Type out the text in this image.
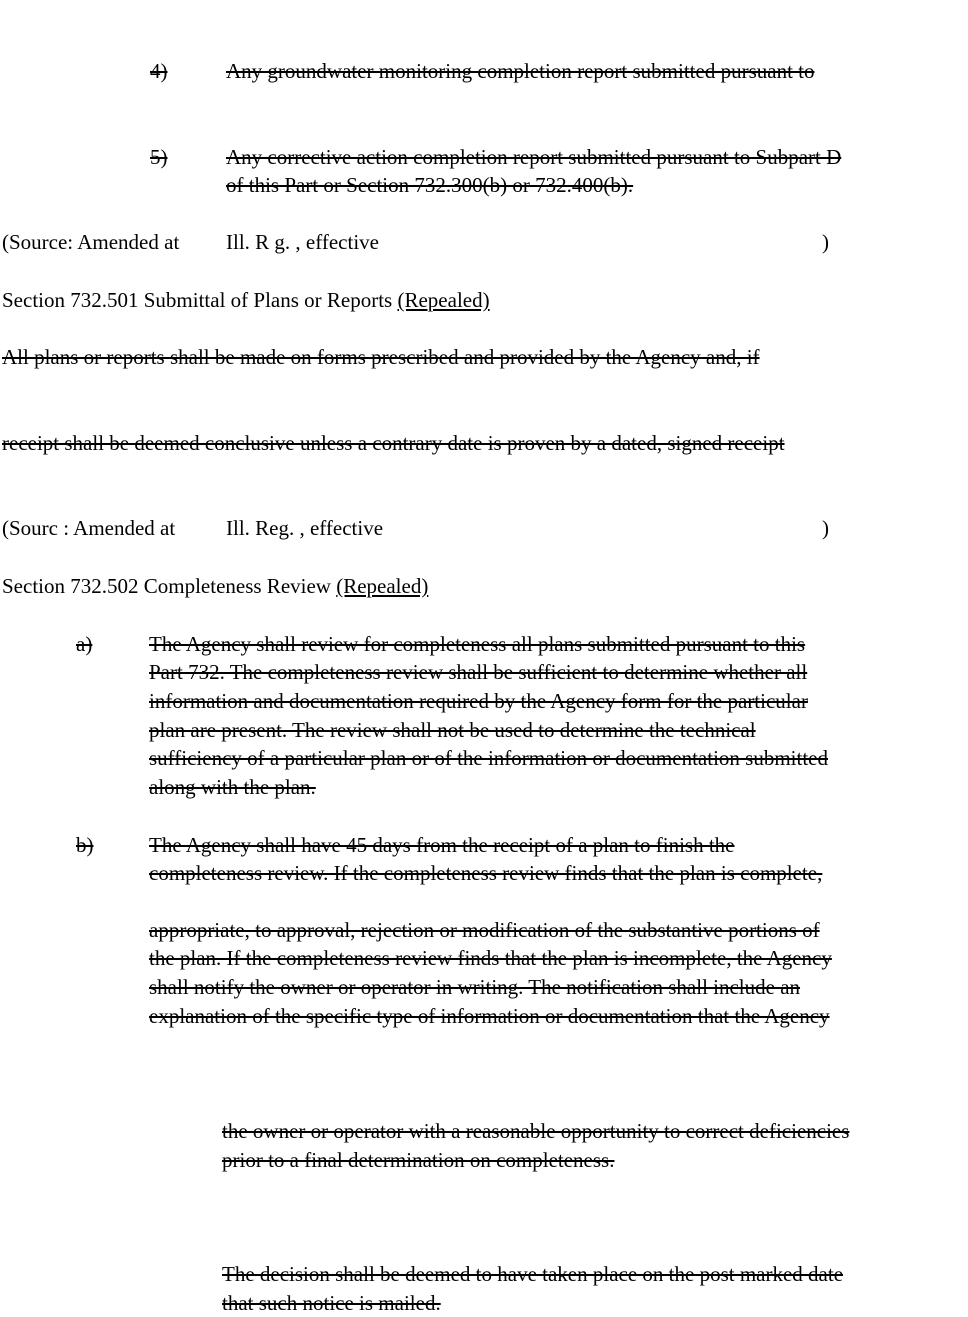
4)	Any groundwater monitoring completion report submitted pursuant to
5)	Any corrective action completion report submitted pursuant to Subpart D
of this Part or Section 732.300(b) or 732.400(b).
(Source: Amended at Ill. R g. , effective	)
Section 732.501 Submittal of Plans or Reports (Repealed)
All plans or reports shall be made on forms prescribed and provided by the Agency and, if
receipt shall be deemed conclusive unless a contrary date is proven by a dated, signed receipt
(Sourc : Amended at Ill. Reg. , effective	)
Section 732.502 Completeness Review (Repealed)
a)	The Agency shall review for completeness all plans submitted pursuant to this
Part 732. The completeness review shall be sufficient to determine whether all
information and documentation required by the Agency form for the particular
plan are present. The review shall not be used to determine the technical
sufficiency of a particular plan or of the information or documentation submitted
along with the plan.
b)	The Agency shall have 45 days from the receipt of a plan to finish the
completeness review. If the completeness review finds that the plan is complete,
appropriate, to approval, rejection or modification of the substantive portions of
the plan. If the completeness review finds that the plan is incomplete, the Agency
shall notify the owner or operator in writing. The notification shall include an
explanation of the specific type of information or documentation that the Agency
the owner or operator with a reasonable opportunity to correct deficiencies
prior to a final determination on completeness.
The decision shall be deemed to have taken place on the post marked date
that such notice is mailed.
